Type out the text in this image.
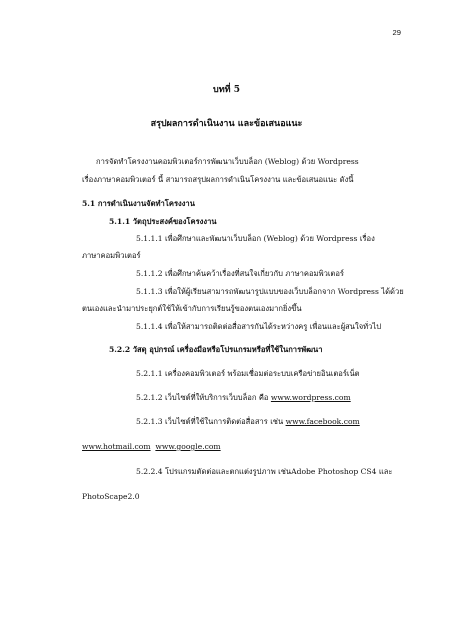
29
บทที่ 5
สรุปผลการดำเนินงาน และข้อเสนอแนะ
การจัดทำโครงงานคอมพิวเตอร์การพัฒนาเว็บบล็อก (Weblog) ด้วย Wordpress
เรื่องภาษาคอมพิวเตอร์ นี้ สามารถสรุปผลการดำเนินโครงงาน และข้อเสนอแนะ ดังนี้
5.1 การดำเนินงานจัดทำโครงงาน
5.1.1 วัตถุประสงค์ของโครงงาน
5.1.1.1 เพื่อศึกษาและพัฒนาเว็บบล็อก (Weblog) ด้วย Wordpress เรื่อง
ภาษาคอมพิวเตอร์
5.1.1.2 เพื่อศึกษาค้นคว้าเรื่องที่สนใจเกี่ยวกับ ภาษาคอมพิวเตอร์
5.1.1.3 เพื่อให้ผู้เรียนสามารถพัฒนารูปแบบของเว็บบล็อกจาก Wordpress ได้ด้วย
ตนเองและนำมาประยุกต์ใช้ให้เข้ากับการเรียนรู้ของตนเองมากยิ่งขึ้น
5.1.1.4 เพื่อให้สามารถติดต่อสื่อสารกันได้ระหว่างครู เพื่อนและผู้สนใจทั่วไป
5.2.2 วัสดุ อุปกรณ์ เครื่องมือหรือโปรแกรมหรือที่ใช้ในการพัฒนา
5.2.1.1 เครื่องคอมพิวเตอร์ พร้อมเชื่อมต่อระบบเครือข่ายอินเตอร์เน็ต
5.2.1.2 เว็บไซต์ที่ให้บริการเว็บบล็อก คือ www.wordpress.com
5.2.1.3 เว็บไซต์ที่ใช้ในการติดต่อสื่อสาร เช่น www.facebook.com
www.hotmail.com www.google.com
5.2.2.4 โปรแกรมตัดต่อและตกแต่งรูปภาพ เช่นAdobe Photoshop CS4 และ
PhotoScape2.0
